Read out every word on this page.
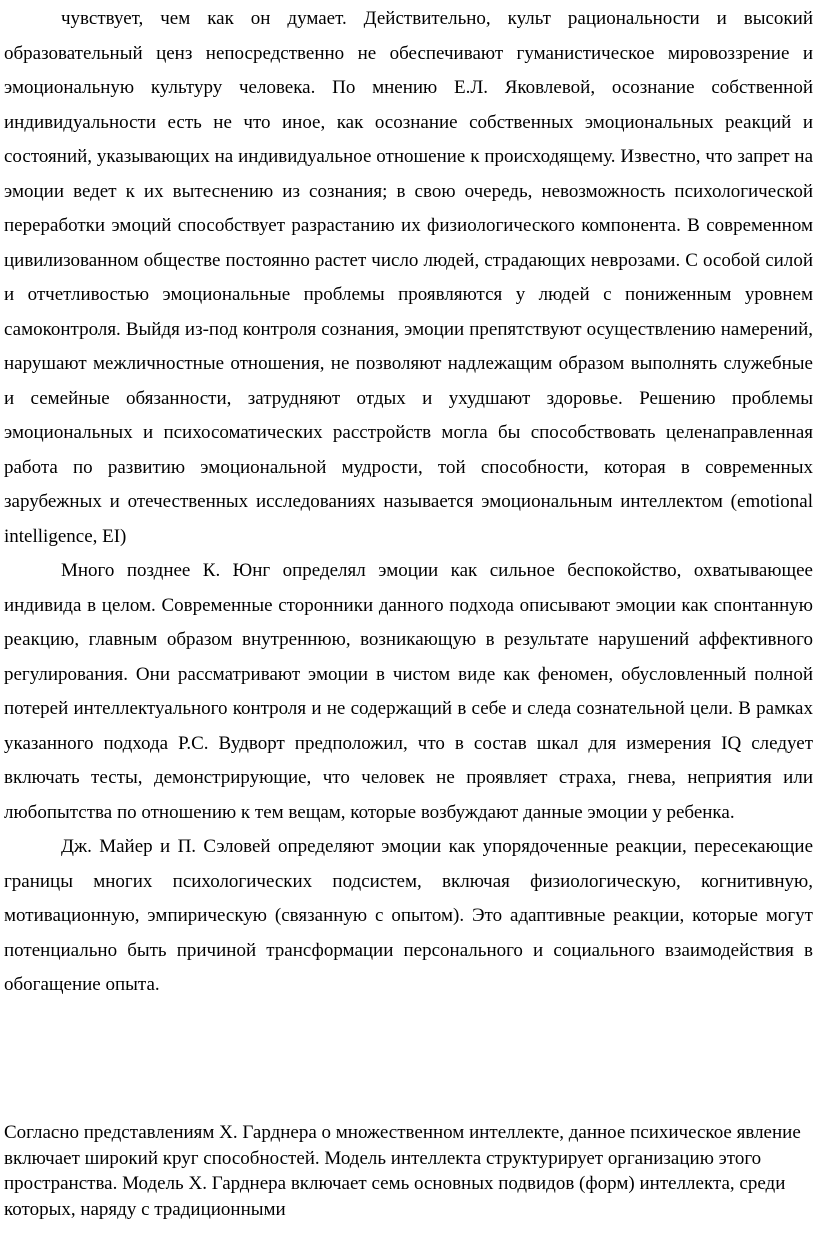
чувствует, чем как он думает. Действительно, культ рациональности и высокий образовательный ценз непосредственно не обеспечивают гуманистическое мировоззрение и эмоциональную культуру человека. По мнению Е.Л. Яковлевой, осознание собственной индивидуальности есть не что иное, как осознание собственных эмоциональных реакций и состояний, указывающих на индивидуальное отношение к происходящему. Известно, что запрет на эмоции ведет к их вытеснению из сознания; в свою очередь, невозможность психологической переработки эмоций способствует разрастанию их физиологического компонента. В современном цивилизованном обществе постоянно растет число людей, страдающих неврозами. С особой силой и отчетливостью эмоциональные проблемы проявляются у людей с пониженным уровнем самоконтроля. Выйдя из-под контроля сознания, эмоции препятствуют осуществлению намерений, нарушают межличностные отношения, не позволяют надлежащим образом выполнять служебные и семейные обязанности, затрудняют отдых и ухудшают здоровье. Решению проблемы эмоциональных и психосоматических расстройств могла бы способствовать целенаправленная работа по развитию эмоциональной мудрости, той способности, которая в современных зарубежных и отечественных исследованиях называется эмоциональным интеллектом (emotional intelligence, EI)

Много позднее К. Юнг определял эмоции как сильное беспокойство, охватывающее индивида в целом. Современные сторонники данного подхода описывают эмоции как спонтанную реакцию, главным образом внутреннюю, возникающую в результате нарушений аффективного регулирования. Они рассматривают эмоции в чистом виде как феномен, обусловленный полной потерей интеллектуального контроля и не содержащий в себе и следа сознательной цели. В рамках указанного подхода Р.С. Вудворт предположил, что в состав шкал для измерения IQ следует включать тесты, демонстрирующие, что человек не проявляет страха, гнева, неприятия или любопытства по отношению к тем вещам, которые возбуждают данные эмоции у ребенка.

Дж. Майер и П. Сэловей определяют эмоции как упорядоченные реакции, пересекающие границы многих психологических подсистем, включая физиологическую, когнитивную, мотивационную, эмпирическую (связанную с опытом). Это адаптивные реакции, которые могут потенциально быть причиной трансформации персонального и социального взаимодействия в обогащение опыта.

Согласно представлениям Х. Гарднера о множественном интеллекте, данное психическое явление включает широкий круг способностей. Модель интеллекта структурирует организацию этого пространства. Модель Х. Гарднера включает семь основных подвидов (форм) интеллекта, среди которых, наряду с традиционными
